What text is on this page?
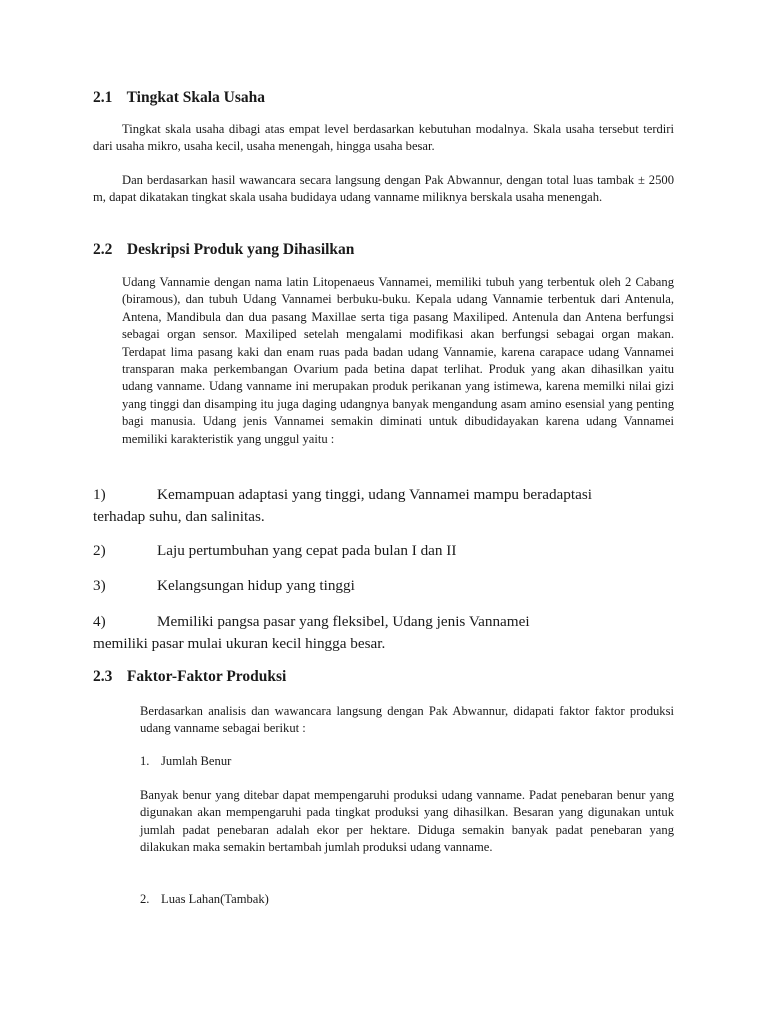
2.1 Tingkat Skala Usaha

Tingkat skala usaha dibagi atas empat level berdasarkan kebutuhan modalnya. Skala usaha tersebut terdiri dari usaha mikro, usaha kecil, usaha menengah, hingga usaha besar.

Dan berdasarkan hasil wawancara secara langsung dengan Pak Abwannur, dengan total luas tambak ± 2500 m, dapat dikatakan tingkat skala usaha budidaya udang vanname miliknya berskala usaha menengah.

2.2 Deskripsi Produk yang Dihasilkan

Udang Vannamie dengan nama latin Litopenaeus Vannamei, memiliki tubuh yang terbentuk oleh 2 Cabang (biramous), dan tubuh Udang Vannamei berbuku-buku. Kepala udang Vannamie terbentuk dari Antenula, Antena, Mandibula dan dua pasang Maxillae serta tiga pasang Maxiliped. Antenula dan Antena berfungsi sebagai organ sensor. Maxiliped setelah mengalami modifikasi akan berfungsi sebagai organ makan. Terdapat lima pasang kaki dan enam ruas pada badan udang Vannamie, karena carapace udang Vannamei transparan maka perkembangan Ovarium pada betina dapat terlihat. Produk yang akan dihasilkan yaitu udang vanname. Udang vanname ini merupakan produk perikanan yang istimewa, karena memilki nilai gizi yang tinggi dan disamping itu juga daging udangnya banyak mengandung asam amino esensial yang penting bagi manusia. Udang jenis Vannamei semakin diminati untuk dibudidayakan karena udang Vannamei memiliki karakteristik yang unggul yaitu :

1)	Kemampuan adaptasi yang tinggi, udang Vannamei mampu beradaptasi
terhadap suhu, dan salinitas.
2)	Laju pertumbuhan yang cepat pada bulan I dan II
3)	Kelangsungan hidup yang tinggi
4)	Memiliki pangsa pasar yang fleksibel, Udang jenis Vannamei
memiliki pasar mulai ukuran kecil hingga besar.
2.3 Faktor-Faktor Produksi

Berdasarkan analisis dan wawancara langsung dengan Pak Abwannur, didapati faktor faktor produksi udang vanname sebagai berikut :

1. Jumlah Benur

Banyak benur yang ditebar dapat mempengaruhi produksi udang vanname. Padat penebaran benur yang digunakan akan mempengaruhi pada tingkat produksi yang dihasilkan. Besaran yang digunakan untuk jumlah padat penebaran adalah ekor per hektare. Diduga semakin banyak padat penebaran yang dilakukan maka semakin bertambah jumlah produksi udang vanname.

2. Luas Lahan(Tambak)
